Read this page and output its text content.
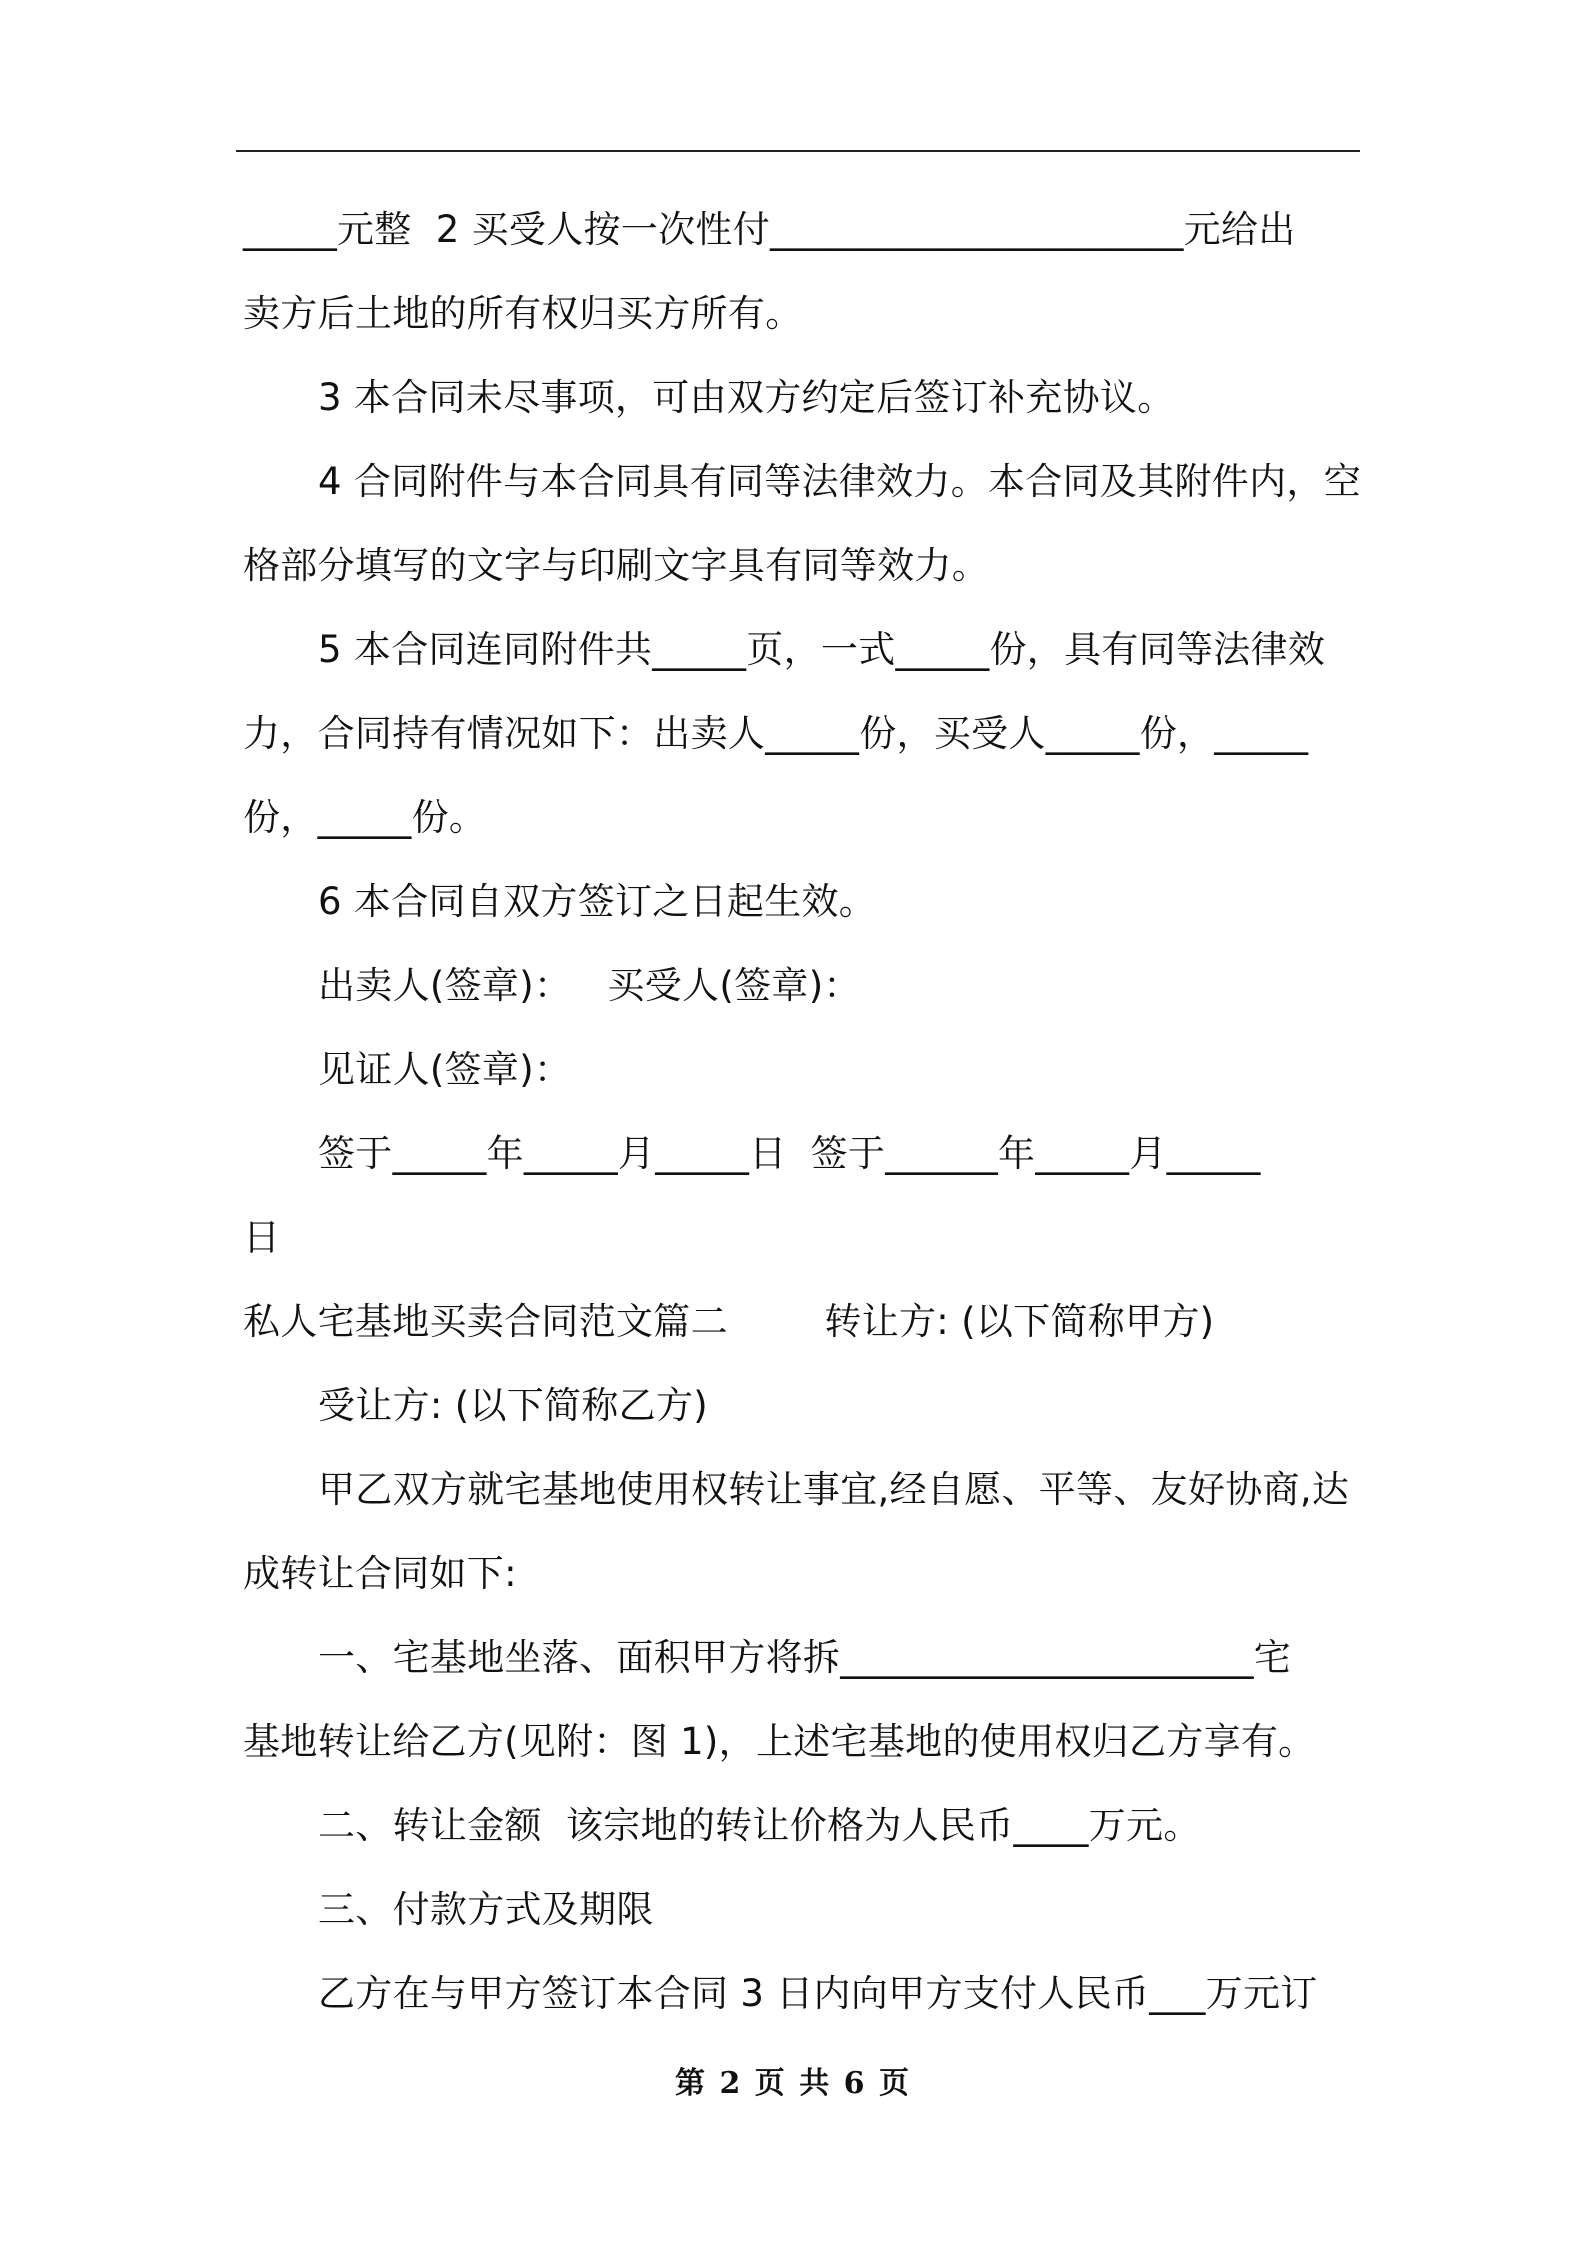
_____元整  2 买受人按一次性付______________________元给出
卖方后土地的所有权归买方所有。
3 本合同未尽事项，可由双方约定后签订补充协议。
4 合同附件与本合同具有同等法律效力。本合同及其附件内，空
格部分填写的文字与印刷文字具有同等效力。
5 本合同连同附件共_____页，一式_____份，具有同等法律效
力，合同持有情况如下：出卖人_____份，买受人_____份，_____
份，_____份。
6 本合同自双方签订之日起生效。
出卖人(签章)：   买受人(签章)：
见证人(签章)：
签于_____年_____月_____日  签于______年_____月_____
日
私人宅基地买卖合同范文篇二        转让方: (以下简称甲方)
受让方: (以下简称乙方)
甲乙双方就宅基地使用权转让事宜,经自愿、平等、友好协商,达
成转让合同如下:
一、宅基地坐落、面积甲方将拆______________________宅
基地转让给乙方(见附：图 1)，上述宅基地的使用权归乙方享有。
二、转让金额  该宗地的转让价格为人民币____万元。
三、付款方式及期限
乙方在与甲方签订本合同 3 日内向甲方支付人民币___万元订
第 2 页 共 6 页
